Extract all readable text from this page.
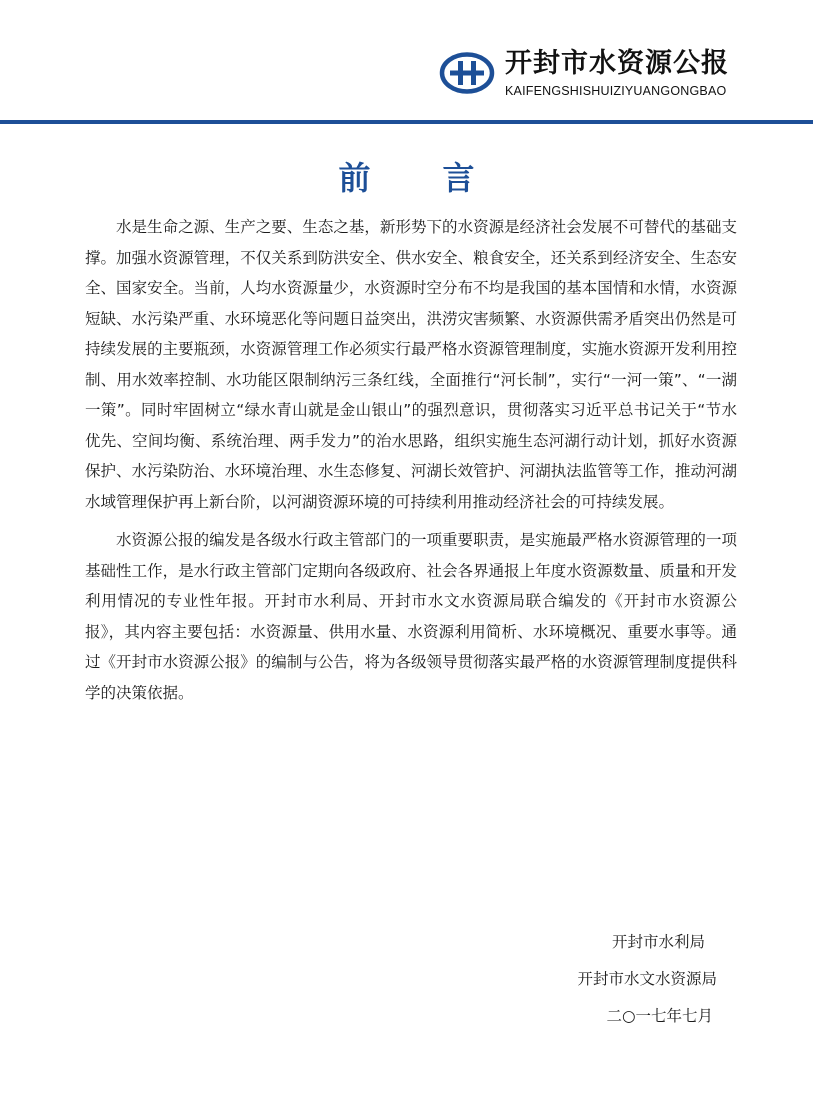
开封市水资源公报
KAIFENGSHISHUIZIYUANGONGBAO
前 言

水是生命之源、生产之要、生态之基，新形势下的水资源是经济社会发展不可替代的基础支撑。加强水资源管理，不仅关系到防洪安全、供水安全、粮食安全，还关系到经济安全、生态安全、国家安全。当前，人均水资源量少，水资源时空分布不均是我国的基本国情和水情，水资源短缺、水污染严重、水环境恶化等问题日益突出，洪涝灾害频繁、水资源供需矛盾突出仍然是可持续发展的主要瓶颈，水资源管理工作必须实行最严格水资源管理制度，实施水资源开发利用控制、用水效率控制、水功能区限制纳污三条红线，全面推行“河长制”，实行“一河一策”、“一湖一策”。同时牢固树立“绿水青山就是金山银山”的强烈意识，贯彻落实习近平总书记关于“节水优先、空间均衡、系统治理、两手发力”的治水思路，组织实施生态河湖行动计划，抓好水资源保护、水污染防治、水环境治理、水生态修复、河湖长效管护、河湖执法监管等工作，推动河湖水域管理保护再上新台阶，以河湖资源环境的可持续利用推动经济社会的可持续发展。

水资源公报的编发是各级水行政主管部门的一项重要职责，是实施最严格水资源管理的一项基础性工作，是水行政主管部门定期向各级政府、社会各界通报上年度水资源数量、质量和开发利用情况的专业性年报。开封市水利局、开封市水文水资源局联合编发的《开封市水资源公报》，其内容主要包括：水资源量、供用水量、水资源利用简析、水环境概况、重要水事等。通过《开封市水资源公报》的编制与公告，将为各级领导贯彻落实最严格的水资源管理制度提供科学的决策依据。

开封市水利局
开封市水文水资源局
二○一七年七月
